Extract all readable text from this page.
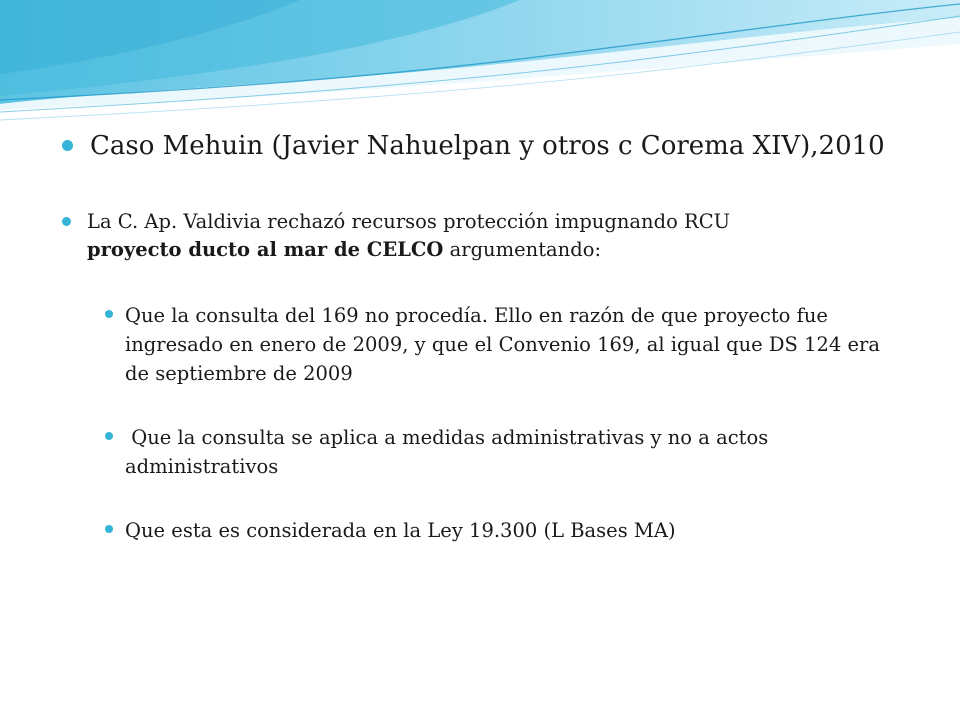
Caso Mehuin (Javier Nahuelpan y otros c Corema XIV),2010
La C. Ap. Valdivia rechazó recursos protección impugnando RCU
proyecto ducto al mar de CELCO argumentando:
Que la consulta del 169 no procedía. Ello en razón de que proyecto fue ingresado en enero de 2009, y que el Convenio 169, al igual que DS 124 era de septiembre de 2009
Que la consulta se aplica a medidas administrativas y no a actos administrativos
Que esta es considerada en la Ley 19.300 (L Bases MA)
